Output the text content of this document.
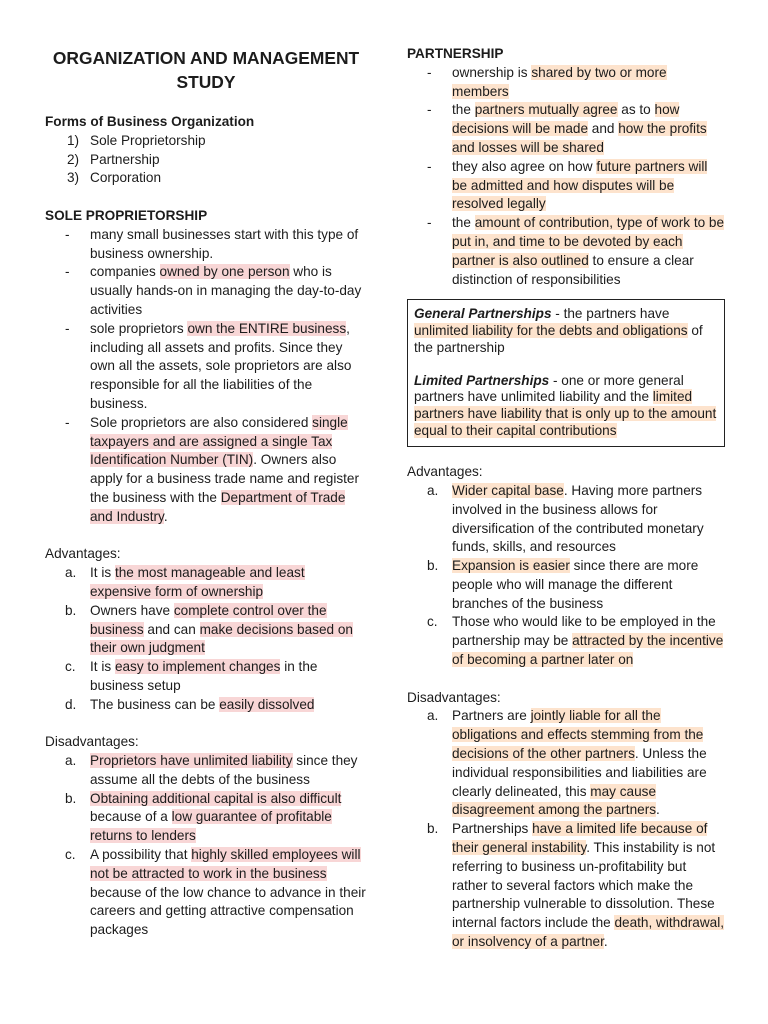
ORGANIZATION AND MANAGEMENT STUDY

Forms of Business Organization

1) Sole Proprietorship
2) Partnership
3) Corporation

SOLE PROPRIETORSHIP

- many small businesses start with this type of business ownership.
- companies owned by one person who is usually hands-on in managing the day-to-day activities
- sole proprietors own the ENTIRE business, including all assets and profits. Since they own all the assets, sole proprietors are also responsible for all the liabilities of the business.
- Sole proprietors are also considered single taxpayers and are assigned a single Tax Identification Number (TIN). Owners also apply for a business trade name and register the business with the Department of Trade and Industry.

Advantages:

a. It is the most manageable and least expensive form of ownership
b. Owners have complete control over the business and can make decisions based on their own judgment
c. It is easy to implement changes in the business setup
d. The business can be easily dissolved

Disadvantages:

a. Proprietors have unlimited liability since they assume all the debts of the business
b. Obtaining additional capital is also difficult because of a low guarantee of profitable returns to lenders
c. A possibility that highly skilled employees will not be attracted to work in the business because of the low chance to advance in their careers and getting attractive compensation packages

PARTNERSHIP

- ownership is shared by two or more members
- the partners mutually agree as to how decisions will be made and how the profits and losses will be shared
- they also agree on how future partners will be admitted and how disputes will be resolved legally
- the amount of contribution, type of work to be put in, and time to be devoted by each partner is also outlined to ensure a clear distinction of responsibilities

General Partnerships - the partners have unlimited liability for the debts and obligations of the partnership

Limited Partnerships - one or more general partners have unlimited liability and the limited partners have liability that is only up to the amount equal to their capital contributions

Advantages:

a. Wider capital base. Having more partners involved in the business allows for diversification of the contributed monetary funds, skills, and resources
b. Expansion is easier since there are more people who will manage the different branches of the business
c. Those who would like to be employed in the partnership may be attracted by the incentive of becoming a partner later on

Disadvantages:

a. Partners are jointly liable for all the obligations and effects stemming from the decisions of the other partners. Unless the individual responsibilities and liabilities are clearly delineated, this may cause disagreement among the partners.
b. Partnerships have a limited life because of their general instability. This instability is not referring to business un-profitability but rather to several factors which make the partnership vulnerable to dissolution. These internal factors include the death, withdrawal, or insolvency of a partner.
